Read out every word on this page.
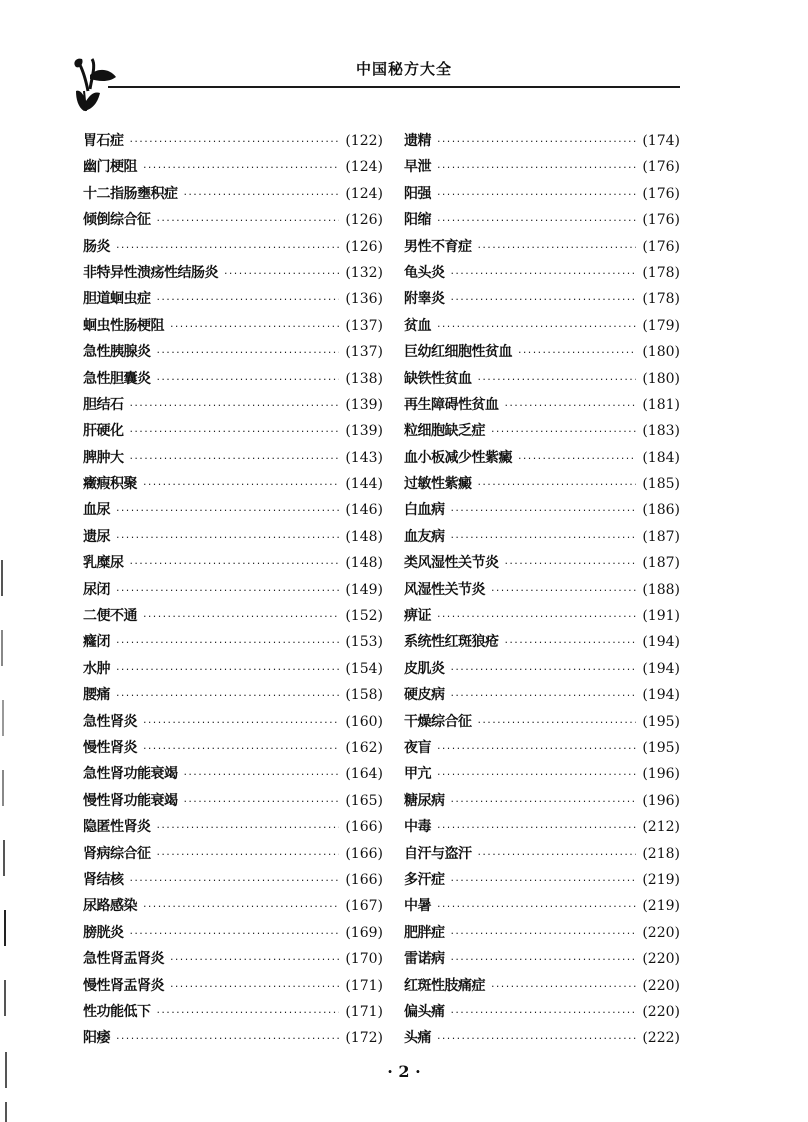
中国秘方大全
胃石症 ·····	(122)
幽门梗阻 ·····	(124)
十二指肠壅积症 ·····	(124)
倾倒综合征 ·····	(126)
肠炎 ·····	(126)
非特异性溃疡性结肠炎 ·····	(132)
胆道蛔虫症 ·····	(136)
蛔虫性肠梗阻 ·····	(137)
急性胰腺炎 ·····	(137)
急性胆囊炎 ·····	(138)
胆结石 ·····	(139)
肝硬化 ·····	(139)
脾肿大 ·····	(143)
癥瘕积聚 ·····	(144)
血尿 ·····	(146)
遗尿 ·····	(148)
乳糜尿 ·····	(148)
尿闭 ·····	(149)
二便不通 ·····	(152)
癃闭 ·····	(153)
水肿 ·····	(154)
腰痛 ·····	(158)
急性肾炎 ·····	(160)
慢性肾炎 ·····	(162)
急性肾功能衰竭 ·····	(164)
慢性肾功能衰竭 ·····	(165)
隐匿性肾炎 ·····	(166)
肾病综合征 ·····	(166)
肾结核 ·····	(166)
尿路感染 ·····	(167)
膀胱炎 ·····	(169)
急性肾盂肾炎 ·····	(170)
慢性肾盂肾炎 ·····	(171)
性功能低下 ·····	(171)
阳痿 ·····	(172)
遗精 ·····	(174)
早泄 ·····	(176)
阳强 ·····	(176)
阳缩 ·····	(176)
男性不育症 ·····	(176)
龟头炎 ·····	(178)
附睾炎 ·····	(178)
贫血 ·····	(179)
巨幼红细胞性贫血 ·····	(180)
缺铁性贫血 ·····	(180)
再生障碍性贫血 ·····	(181)
粒细胞缺乏症 ·····	(183)
血小板减少性紫癜 ·····	(184)
过敏性紫癜 ·····	(185)
白血病 ·····	(186)
血友病 ·····	(187)
类风湿性关节炎 ·····	(187)
风湿性关节炎 ·····	(188)
痹证 ·····	(191)
系统性红斑狼疮 ·····	(194)
皮肌炎 ·····	(194)
硬皮病 ·····	(194)
干燥综合征 ·····	(195)
夜盲 ·····	(195)
甲亢 ·····	(196)
糖尿病 ·····	(196)
中毒 ·····	(212)
自汗与盗汗 ·····	(218)
多汗症 ·····	(219)
中暑 ·····	(219)
肥胖症 ·····	(220)
雷诺病 ·····	(220)
红斑性肢痛症 ·····	(220)
偏头痛 ·····	(220)
头痛 ·····	(222)
· 2 ·
